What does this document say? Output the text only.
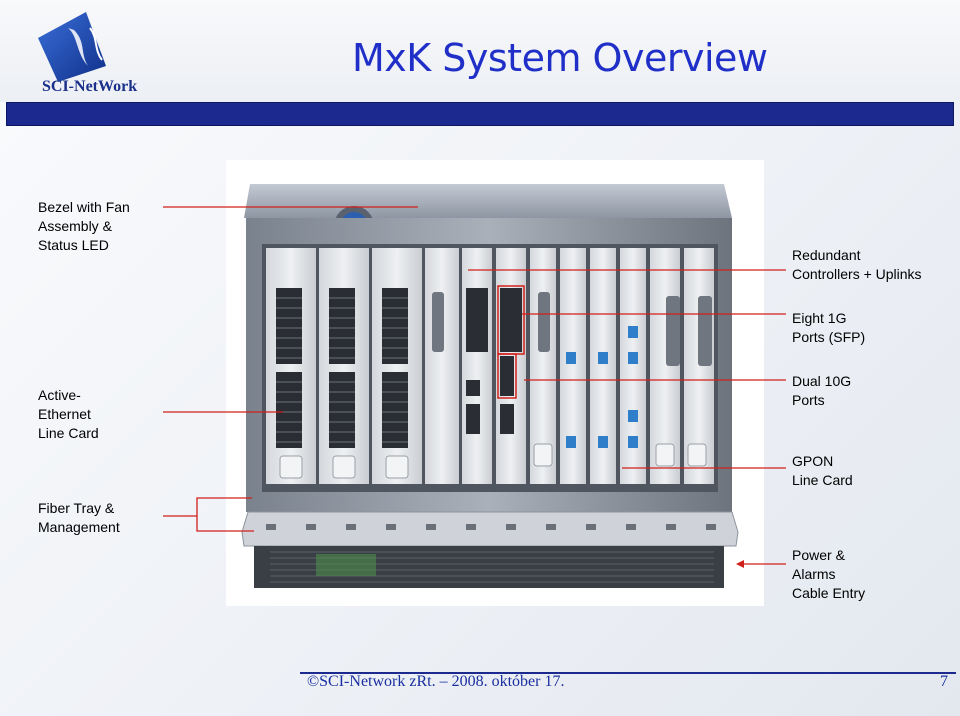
SCI-NetWork
MxK System Overview
Bezel with Fan
Assembly &
Status LED
Active-
Ethernet
Line Card
Fiber Tray &
Management
Redundant
Controllers + Uplinks
Eight 1G
Ports (SFP)
Dual 10G
Ports
GPON
Line Card
Power &
Alarms
Cable Entry
©SCI-Network zRt. – 2008. október 17.	7
